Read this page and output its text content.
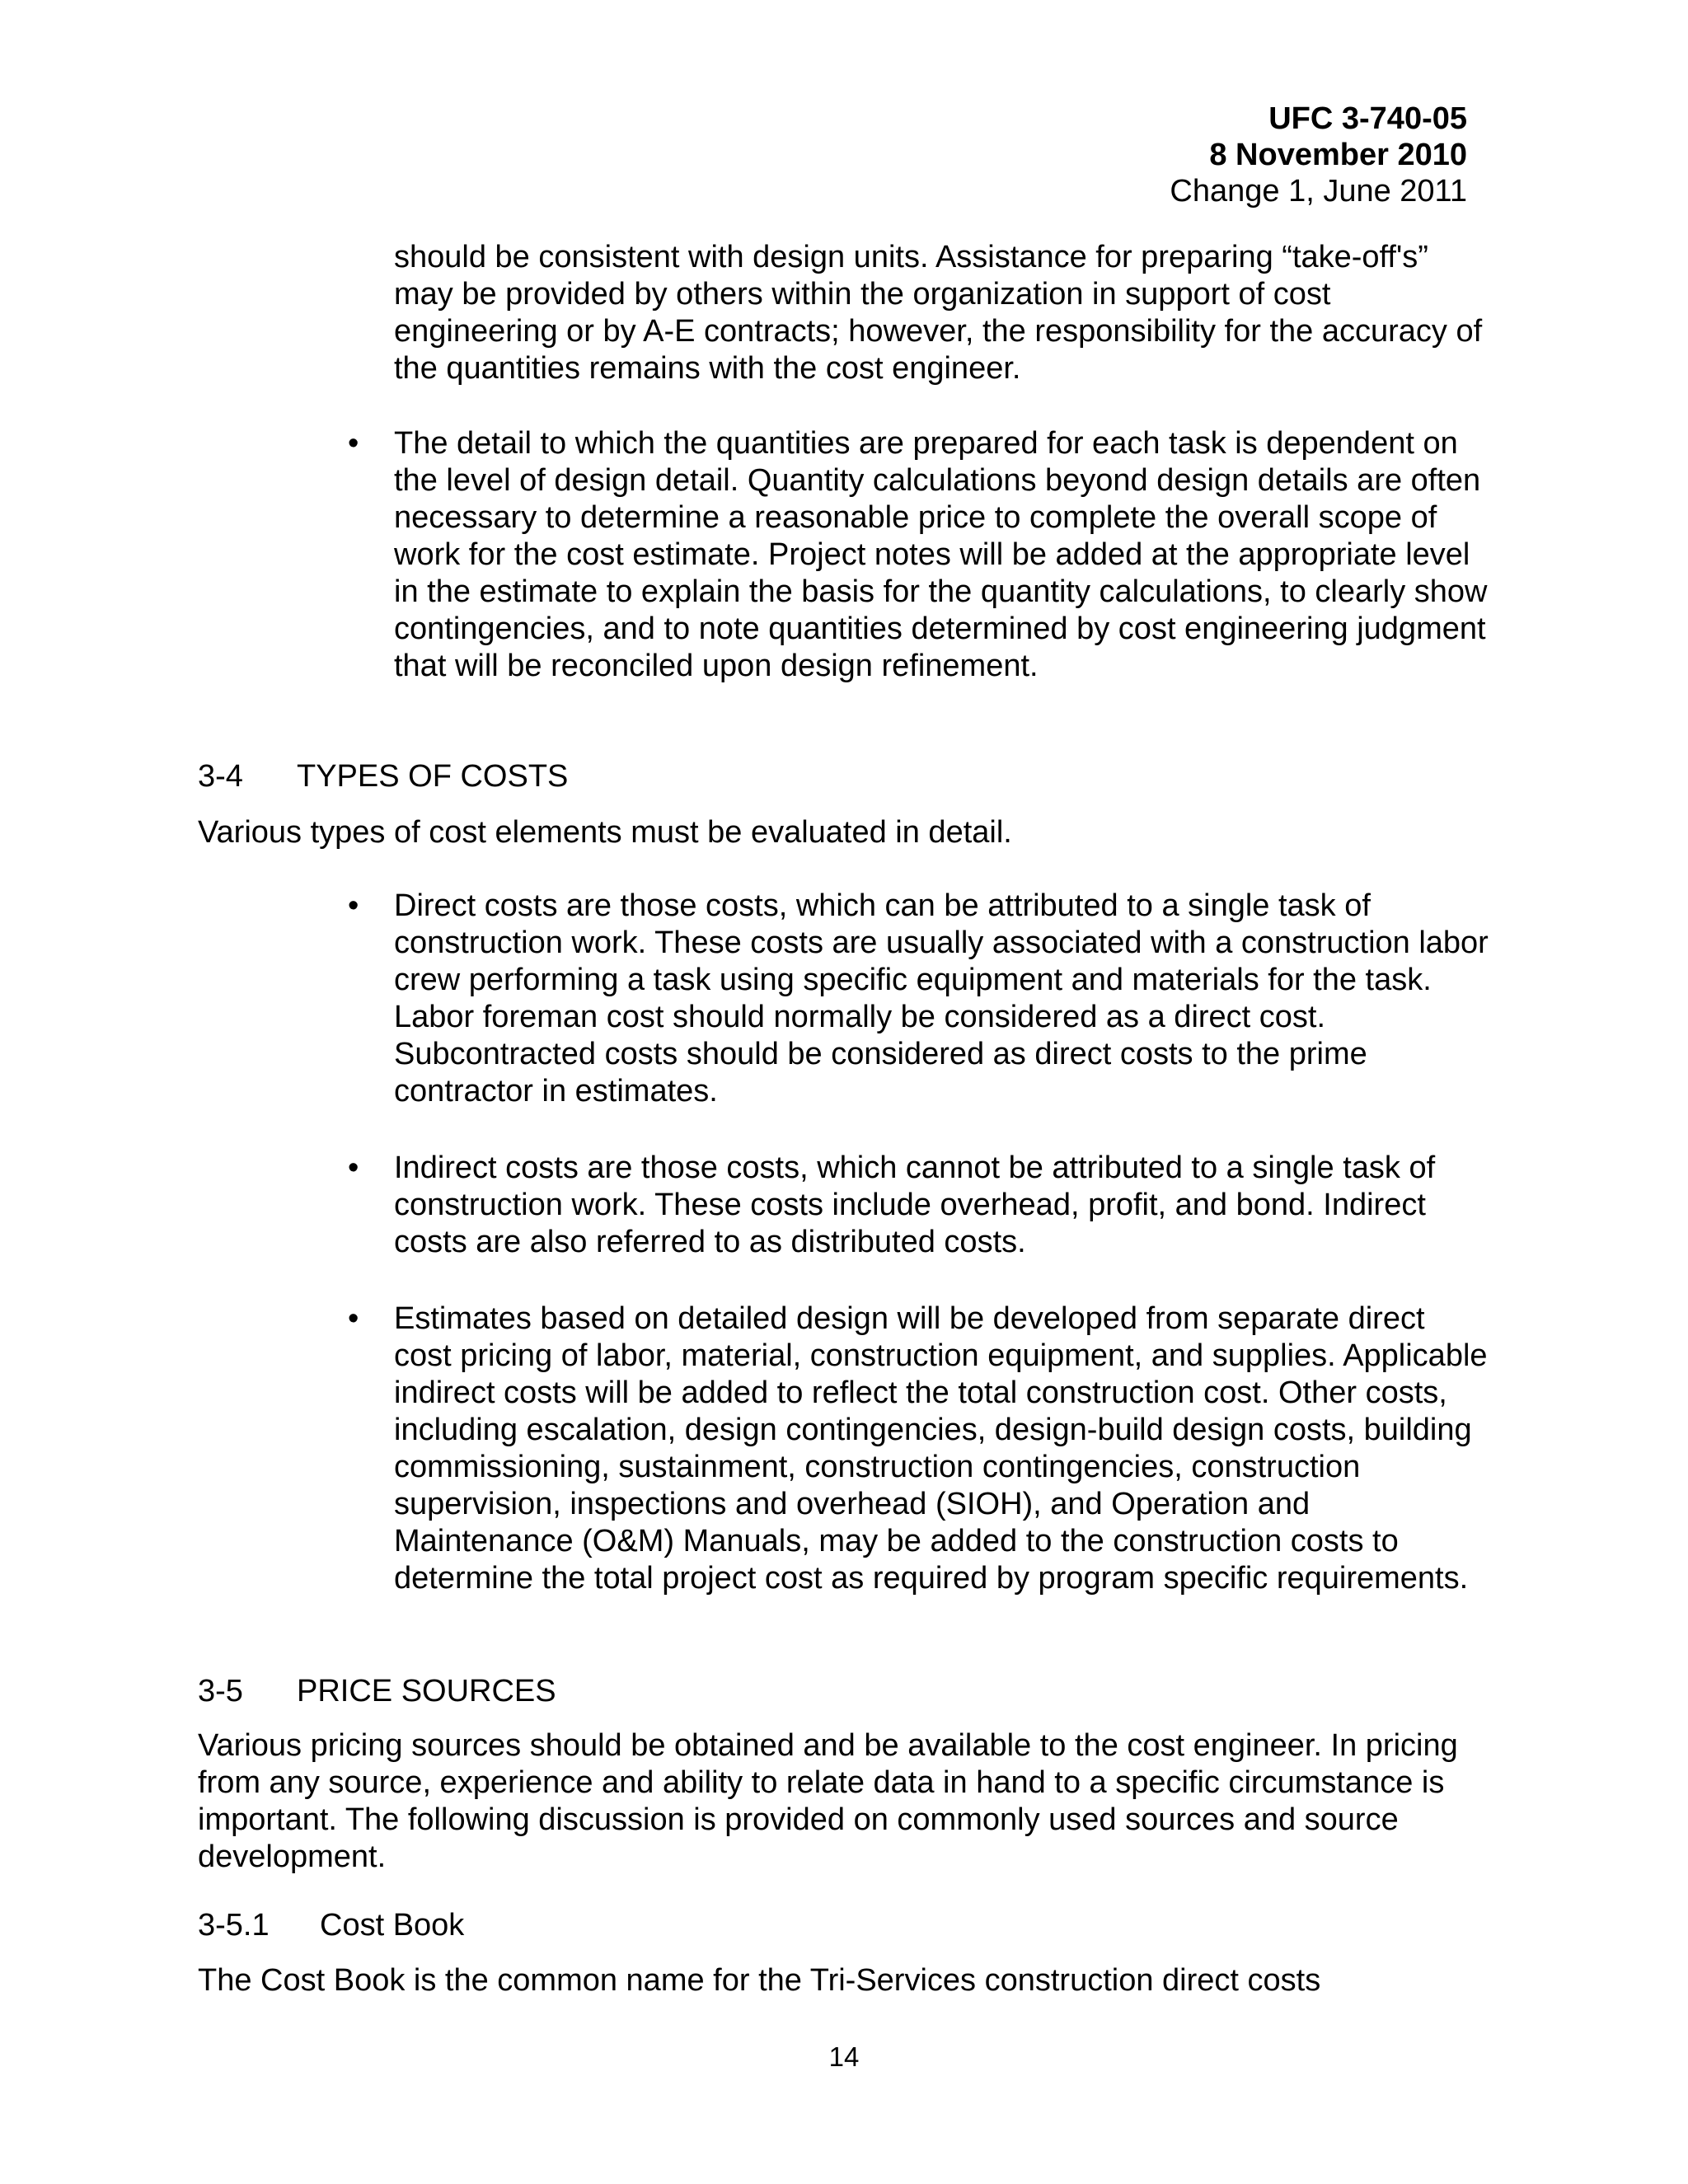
UFC 3-740-05
8 November 2010
Change 1, June 2011

should be consistent with design units. Assistance for preparing “take-off's” may be provided by others within the organization in support of cost engineering or by A-E contracts; however, the responsibility for the accuracy of the quantities remains with the cost engineer.

• The detail to which the quantities are prepared for each task is dependent on the level of design detail. Quantity calculations beyond design details are often necessary to determine a reasonable price to complete the overall scope of work for the cost estimate. Project notes will be added at the appropriate level in the estimate to explain the basis for the quantity calculations, to clearly show contingencies, and to note quantities determined by cost engineering judgment that will be reconciled upon design refinement.

3-4 TYPES OF COSTS

Various types of cost elements must be evaluated in detail.

• Direct costs are those costs, which can be attributed to a single task of construction work. These costs are usually associated with a construction labor crew performing a task using specific equipment and materials for the task. Labor foreman cost should normally be considered as a direct cost. Subcontracted costs should be considered as direct costs to the prime contractor in estimates.

• Indirect costs are those costs, which cannot be attributed to a single task of construction work. These costs include overhead, profit, and bond. Indirect costs are also referred to as distributed costs.

• Estimates based on detailed design will be developed from separate direct cost pricing of labor, material, construction equipment, and supplies. Applicable indirect costs will be added to reflect the total construction cost. Other costs, including escalation, design contingencies, design-build design costs, building commissioning, sustainment, construction contingencies, construction supervision, inspections and overhead (SIOH), and Operation and Maintenance (O&M) Manuals, may be added to the construction costs to determine the total project cost as required by program specific requirements.

3-5 PRICE SOURCES

Various pricing sources should be obtained and be available to the cost engineer. In pricing from any source, experience and ability to relate data in hand to a specific circumstance is important. The following discussion is provided on commonly used sources and source development.

3-5.1 Cost Book

The Cost Book is the common name for the Tri-Services construction direct costs

14
